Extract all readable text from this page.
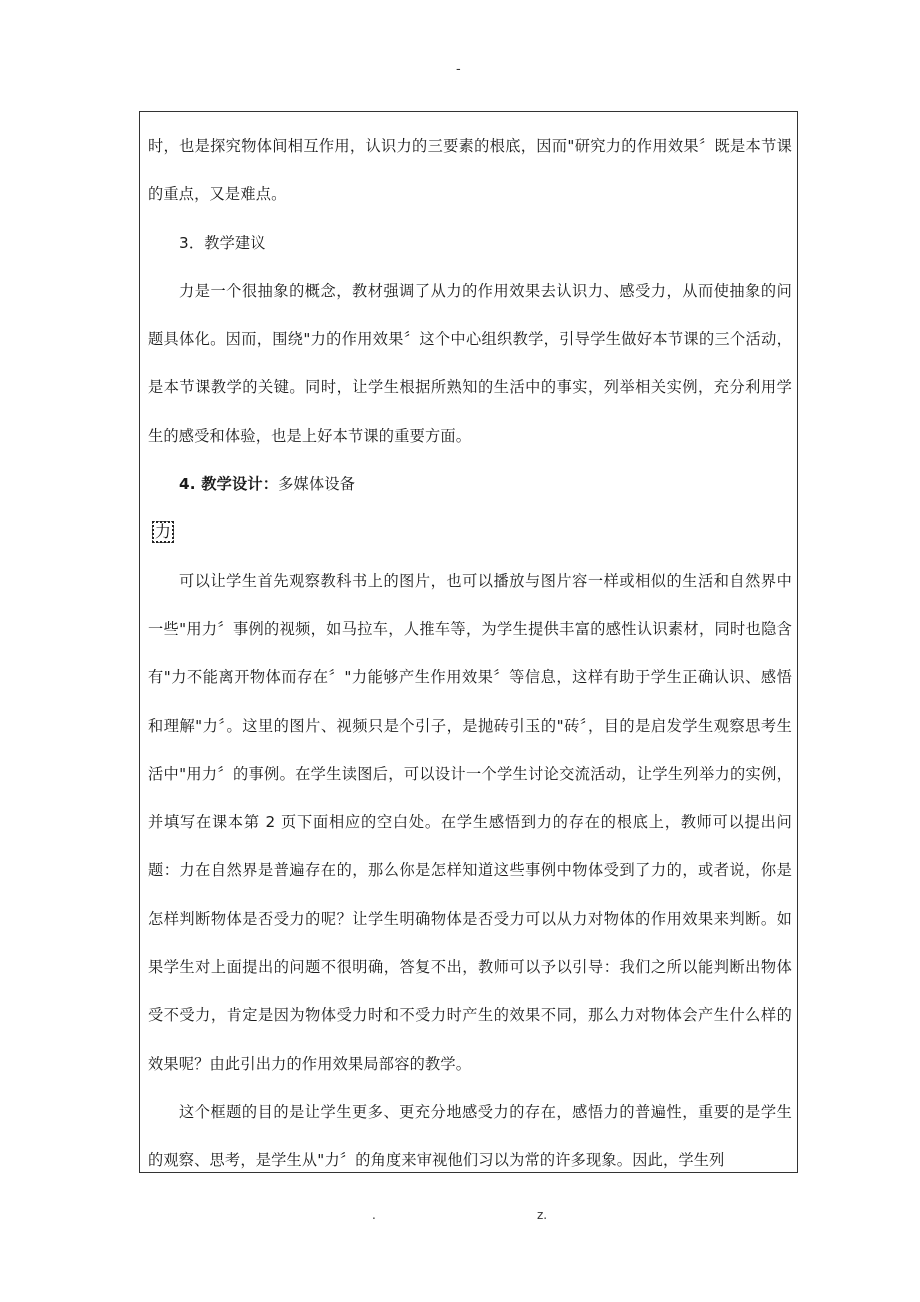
-

时，也是探究物体间相互作用，认识力的三要素的根底，因而"研究力的作用效果〞既是本节课的重点，又是难点。

3．教学建议

力是一个很抽象的概念，教材强调了从力的作用效果去认识力、感受力，从而使抽象的问题具体化。因而，围绕"力的作用效果〞这个中心组织教学，引导学生做好本节课的三个活动，是本节课教学的关键。同时，让学生根据所熟知的生活中的事实，列举相关实例，充分利用学生的感受和体验，也是上好本节课的重要方面。

4. 教学设计：多媒体设备

力

可以让学生首先观察教科书上的图片，也可以播放与图片容一样或相似的生活和自然界中一些"用力〞事例的视频，如马拉车，人推车等，为学生提供丰富的感性认识素材，同时也隐含有"力不能离开物体而存在〞"力能够产生作用效果〞等信息，这样有助于学生正确认识、感悟和理解"力〞。这里的图片、视频只是个引子，是抛砖引玉的"砖〞，目的是启发学生观察思考生活中"用力〞的事例。在学生读图后，可以设计一个学生讨论交流活动，让学生列举力的实例，并填写在课本第 2 页下面相应的空白处。在学生感悟到力的存在的根底上，教师可以提出问题：力在自然界是普遍存在的，那么你是怎样知道这些事例中物体受到了力的，或者说，你是怎样判断物体是否受力的呢？让学生明确物体是否受力可以从力对物体的作用效果来判断。如果学生对上面提出的问题不很明确，答复不出，教师可以予以引导：我们之所以能判断出物体受不受力，肯定是因为物体受力时和不受力时产生的效果不同，那么力对物体会产生什么样的效果呢？由此引出力的作用效果局部容的教学。

这个框题的目的是让学生更多、更充分地感受力的存在，感悟力的普遍性，重要的是学生的观察、思考，是学生从"力〞的角度来审视他们习以为常的许多现象。因此，学生列

.	z.
